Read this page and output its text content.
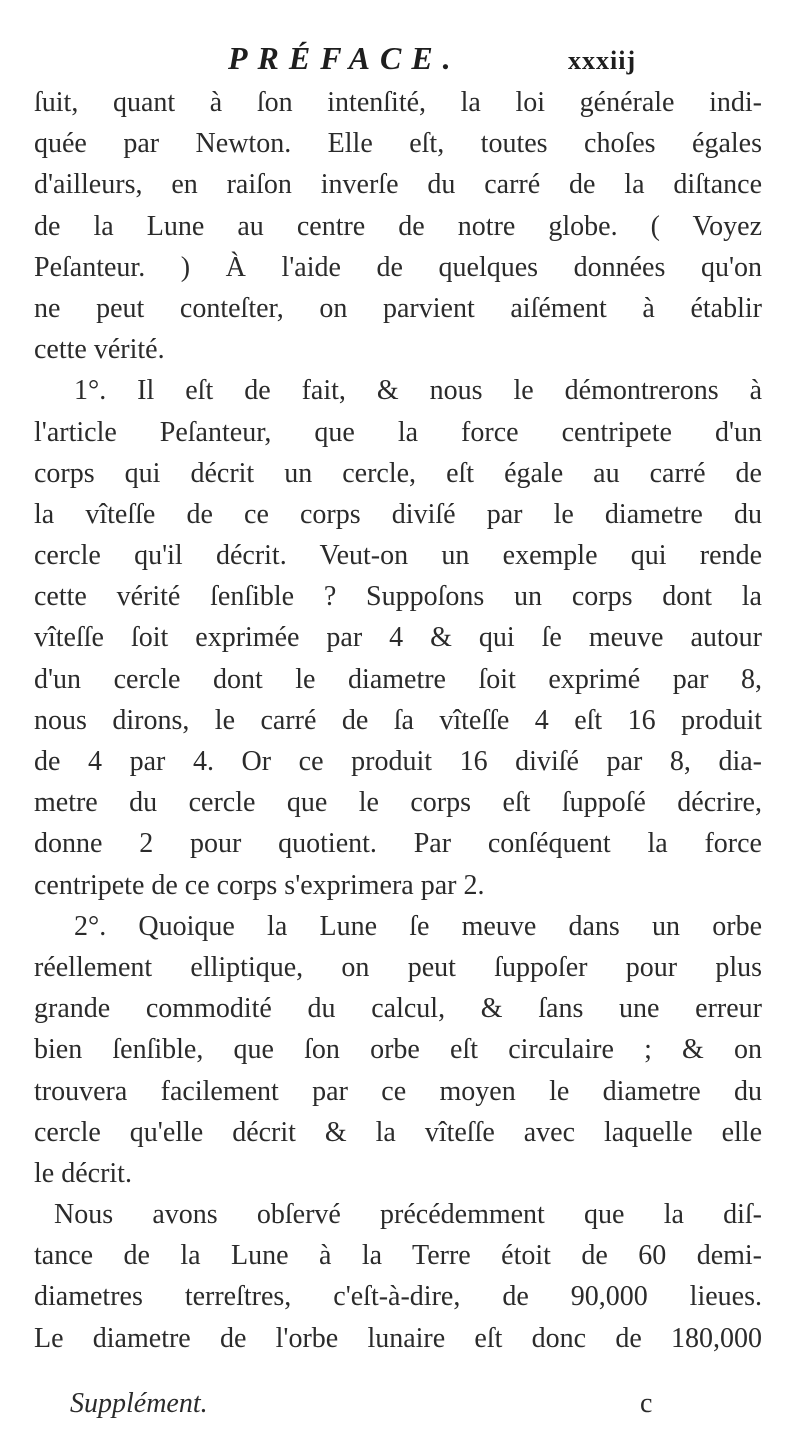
PRÉFACE.	xxxiij
ſuit, quant à ſon intenſité, la loi générale indi-
quée par Newton. Elle eſt, toutes choſes égales
d'ailleurs, en raiſon inverſe du carré de la diſtance
de la Lune au centre de notre globe. ( Voyez
Peſanteur. ) À l'aide de quelques données qu'on
ne peut conteſter, on parvient aiſément à établir
cette vérité.
1°. Il eſt de fait, & nous le démontrerons à
l'article Peſanteur, que la force centripete d'un
corps qui décrit un cercle, eſt égale au carré de
la vîteſſe de ce corps diviſé par le diametre du
cercle qu'il décrit. Veut-on un exemple qui rende
cette vérité ſenſible ? Suppoſons un corps dont la
vîteſſe ſoit exprimée par 4 & qui ſe meuve autour
d'un cercle dont le diametre ſoit exprimé par 8,
nous dirons, le carré de ſa vîteſſe 4 eſt 16 produit
de 4 par 4. Or ce produit 16 diviſé par 8, dia-
metre du cercle que le corps eſt ſuppoſé décrire,
donne 2 pour quotient. Par conſéquent la force
centripete de ce corps s'exprimera par 2.
2°. Quoique la Lune ſe meuve dans un orbe
réellement elliptique, on peut ſuppoſer pour plus
grande commodité du calcul, & ſans une erreur
bien ſenſible, que ſon orbe eſt circulaire ; & on
trouvera facilement par ce moyen le diametre du
cercle qu'elle décrit & la vîteſſe avec laquelle elle
le décrit.
Nous avons obſervé précédemment que la diſ-
tance de la Lune à la Terre étoit de 60 demi-
diametres terreſtres, c'eſt-à-dire, de 90,000 lieues.
Le diametre de l'orbe lunaire eſt donc de 180,000
Supplément.	c
